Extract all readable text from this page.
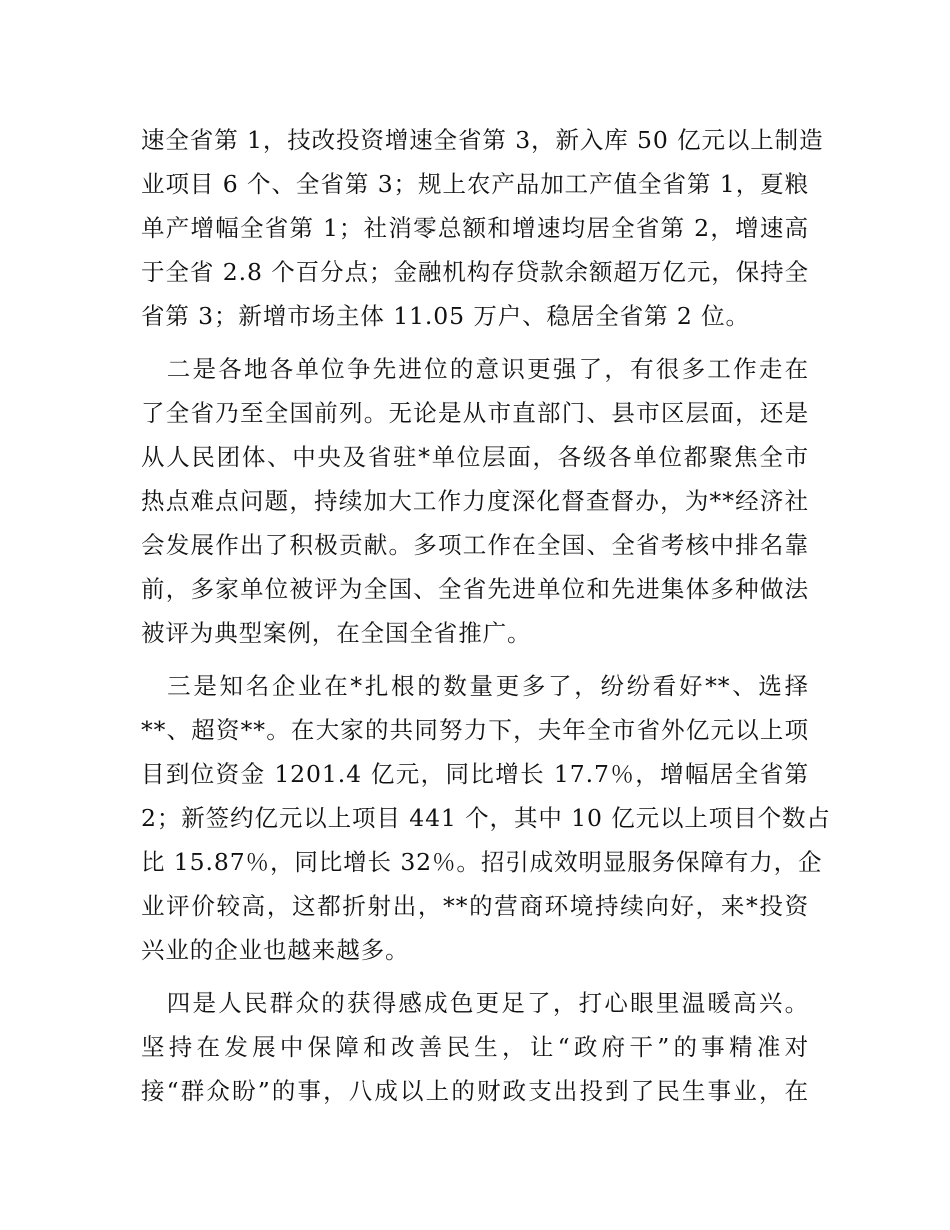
速全省第 1，技改投资增速全省第 3，新入库 50 亿元以上制造
业项目 6 个、全省第 3；规上农产品加工产值全省第 1，夏粮
单产增幅全省第 1；社消零总额和增速均居全省第 2，增速高
于全省 2.8 个百分点；金融机构存贷款余额超万亿元，保持全
省第 3；新增市场主体 11.05 万户、稳居全省第 2 位。

　二是各地各单位争先进位的意识更强了，有很多工作走在
了全省乃至全国前列。无论是从市直部门、县市区层面，还是
从人民团体、中央及省驻*单位层面，各级各单位都聚焦全市
热点难点问题，持续加大工作力度深化督查督办，为**经济社
会发展作出了积极贡献。多项工作在全国、全省考核中排名靠
前，多家单位被评为全国、全省先进单位和先进集体多种做法
被评为典型案例，在全国全省推广。

　三是知名企业在*扎根的数量更多了，纷纷看好**、选择
**、超资**。在大家的共同努力下，夫年全市省外亿元以上项
目到位资金 1201.4 亿元，同比增长 17.7％，增幅居全省第
2；新签约亿元以上项目 441 个，其中 10 亿元以上项目个数占
比 15.87％，同比增长 32％。招引成效明显服务保障有力，企
业评价较高，这都折射出，**的营商环境持续向好，来*投资
兴业的企业也越来越多。

　四是人民群众的获得感成色更足了，打心眼里温暖高兴。
坚持在发展中保障和改善民生，让“政府干”的事精准对
接“群众盼”的事，八成以上的财政支出投到了民生事业，在
